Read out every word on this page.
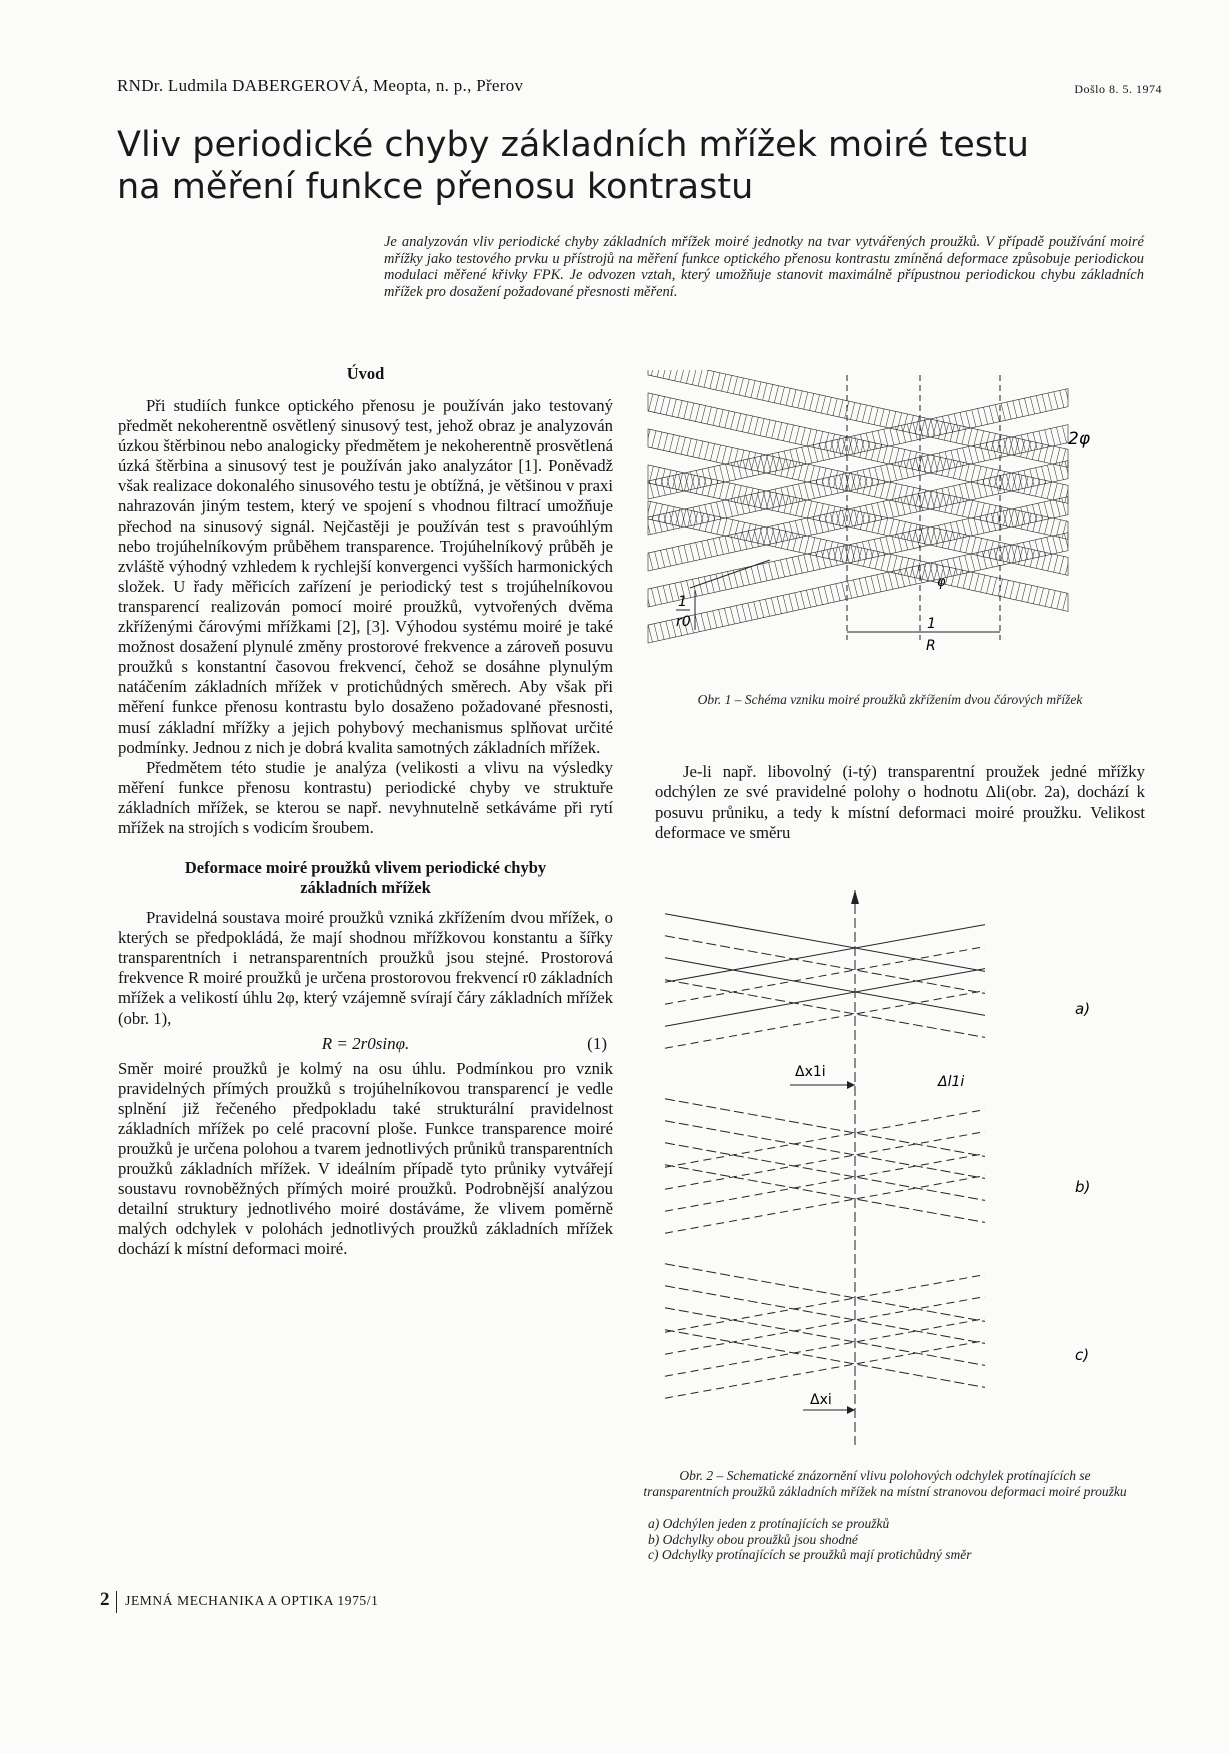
RNDr. Ludmila DABERGEROVÁ, Meopta, n. p., Přerov	Došlo 8. 5. 1974
Vliv periodické chyby základních mřížek moiré testu
na měření funkce přenosu kontrastu
Je analyzován vliv periodické chyby základních mřížek moiré jednotky na tvar vytvářených proužků. V případě používání moiré mřížky jako testového prvku u přístrojů na měření funkce optického přenosu kontrastu zmíněná deformace způsobuje periodickou modulaci měřené křivky FPK. Je odvozen vztah, který umožňuje stanovit maximálně přípustnou periodickou chybu základních mřížek pro dosažení požadované přesnosti měření.
Úvod

Při studiích funkce optického přenosu je používán jako testovaný předmět nekoherentně osvětlený sinusový test, jehož obraz je analyzován úzkou štěrbinou nebo analogicky předmětem je nekoherentně prosvětlená úzká štěrbina a sinusový test je používán jako analyzátor [1]. Poněvadž však realizace dokonalého sinusového testu je obtížná, je většinou v praxi nahrazován jiným testem, který ve spojení s vhodnou filtrací umožňuje přechod na sinusový signál. Nejčastěji je používán test s pravoúhlým nebo trojúhelníkovým průběhem transparence. Trojúhelníkový průběh je zvláště výhodný vzhledem k rychlejší konvergenci vyšších harmonických složek. U řady měřicích zařízení je periodický test s trojúhelníkovou transparencí realizován pomocí moiré proužků, vytvořených dvěma zkříženými čárovými mřížkami [2], [3]. Výhodou systému moiré je také možnost dosažení plynulé změny prostorové frekvence a zároveň posuvu proužků s konstantní časovou frekvencí, čehož se dosáhne plynulým natáčením základních mřížek v protichůdných směrech. Aby však při měření funkce přenosu kontrastu bylo dosaženo požadované přesnosti, musí základní mřížky a jejich pohybový mechanismus splňovat určité podmínky. Jednou z nich je dobrá kvalita samotných základních mřížek.

Předmětem této studie je analýza (velikosti a vlivu na výsledky měření funkce přenosu kontrastu) periodické chyby ve struktuře základních mřížek, se kterou se např. nevyhnutelně setkáváme při rytí mřížek na strojích s vodicím šroubem.

Deformace moiré proužků vlivem periodické chyby základních mřížek

Pravidelná soustava moiré proužků vzniká zkřížením dvou mřížek, o kterých se předpokládá, že mají shodnou mřížkovou konstantu a šířky transparentních i netransparentních proužků jsou stejné. Prostorová frekvence R moiré proužků je určena prostorovou frekvencí r0 základních mřížek a velikostí úhlu 2φ, který vzájemně svírají čáry základních mřížek (obr. 1),

R = 2r0sinφ.	(1)

Směr moiré proužků je kolmý na osu úhlu. Podmínkou pro vznik pravidelných přímých proužků s trojúhelníkovou transparencí je vedle splnění již řečeného předpokladu také strukturální pravidelnost základních mřížek po celé pracovní ploše. Funkce transparence moiré proužků je určena polohou a tvarem jednotlivých průniků transparentních proužků základních mřížek. V ideálním případě tyto průniky vytvářejí soustavu rovnoběžných přímých moiré proužků. Podrobnější analýzou detailní struktury jednotlivého moiré dostáváme, že vlivem poměrně malých odchylek v polohách jednotlivých proužků základních mřížek dochází k místní deformaci moiré.

2φ
φ
1
r0	1
R
Obr. 1 – Schéma vzniku moiré proužků zkřížením dvou čárových mřížek

Je-li např. libovolný (i-tý) transparentní proužek jedné mřížky odchýlen ze své pravidelné polohy o hodnotu Δli(obr. 2a), dochází k posuvu průniku, a tedy k místní deformaci moiré proužku. Velikost deformace ve směru

a)
b)
c)
Δx1i
Δl1i
Δxi
Obr. 2 – Schematické znázornění vlivu polohových odchylek protínajících se transparentních proužků základních mřížek na místní stranovou deformaci moiré proužku
a) Odchýlen jeden z protínajících se proužků
b) Odchylky obou proužků jsou shodné
c) Odchylky protínajících se proužků mají protichůdný směr
2 JEMNÁ MECHANIKA A OPTIKA 1975/1
